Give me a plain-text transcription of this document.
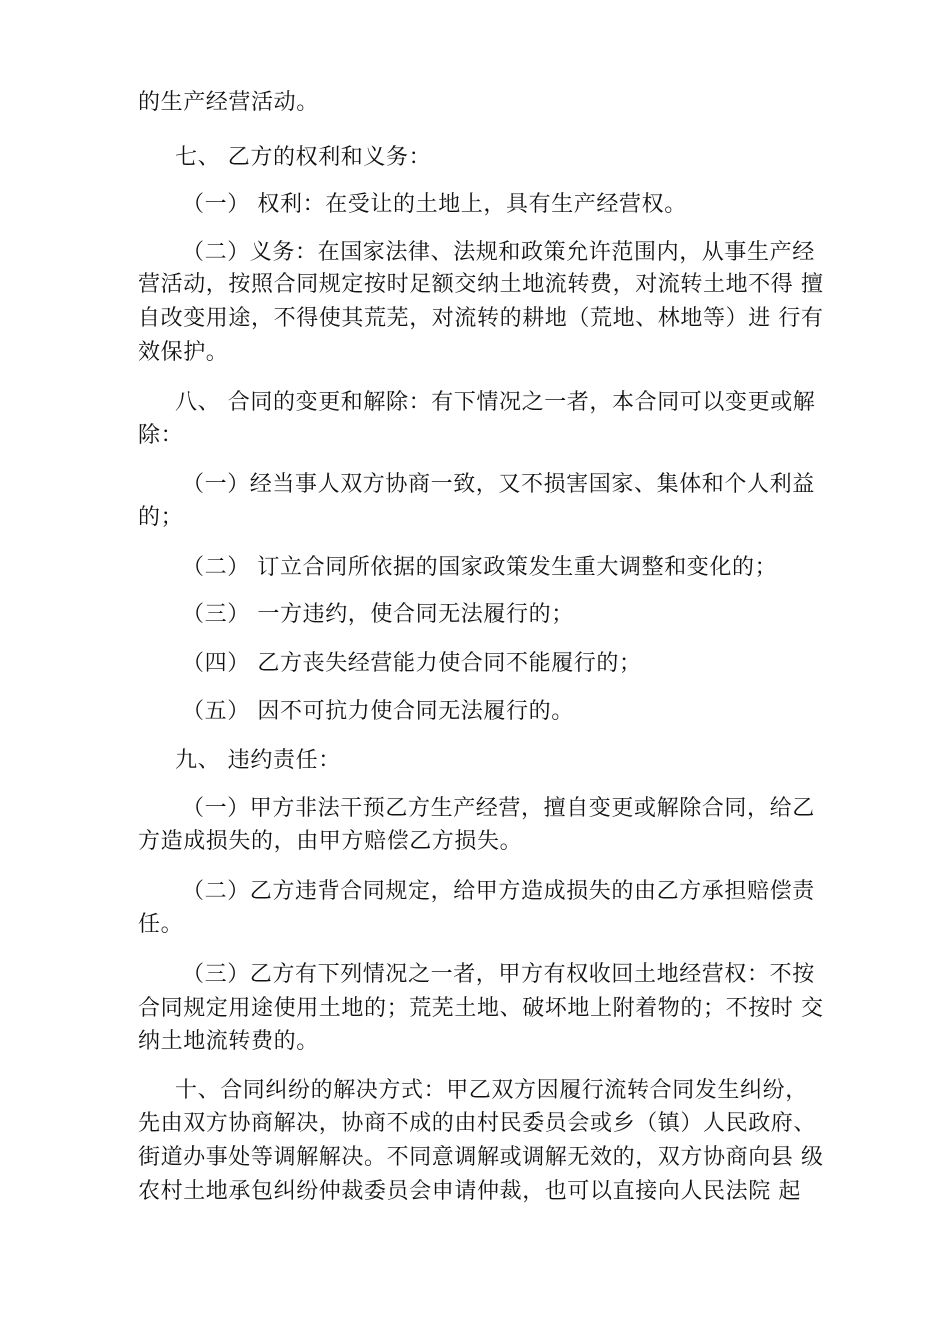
的生产经营活动。
七、 乙方的权利和义务：
（一） 权利：在受让的土地上，具有生产经营权。
（二）义务：在国家法律、法规和政策允许范围内，从事生产经
营活动，按照合同规定按时足额交纳土地流转费，对流转土地不得 擅
自改变用途，不得使其荒芜，对流转的耕地（荒地、林地等）进 行有
效保护。
八、 合同的变更和解除：有下情况之一者，本合同可以变更或解
除：
（一）经当事人双方协商一致，又不损害国家、集体和个人利益
的；
（二） 订立合同所依据的国家政策发生重大调整和变化的；
（三） 一方违约，使合同无法履行的；
（四） 乙方丧失经营能力使合同不能履行的；
（五） 因不可抗力使合同无法履行的。
九、 违约责任：
（一）甲方非法干预乙方生产经营，擅自变更或解除合同，给乙
方造成损失的，由甲方赔偿乙方损失。
（二）乙方违背合同规定，给甲方造成损失的由乙方承担赔偿责
任。
（三）乙方有下列情况之一者，甲方有权收回土地经营权：不按
合同规定用途使用土地的；荒芜土地、破坏地上附着物的；不按时 交
纳土地流转费的。
十、合同纠纷的解决方式：甲乙双方因履行流转合同发生纠纷，
先由双方协商解决，协商不成的由村民委员会或乡（镇）人民政府、
街道办事处等调解解决。不同意调解或调解无效的，双方协商向县 级
农村土地承包纠纷仲裁委员会申请仲裁，也可以直接向人民法院 起
